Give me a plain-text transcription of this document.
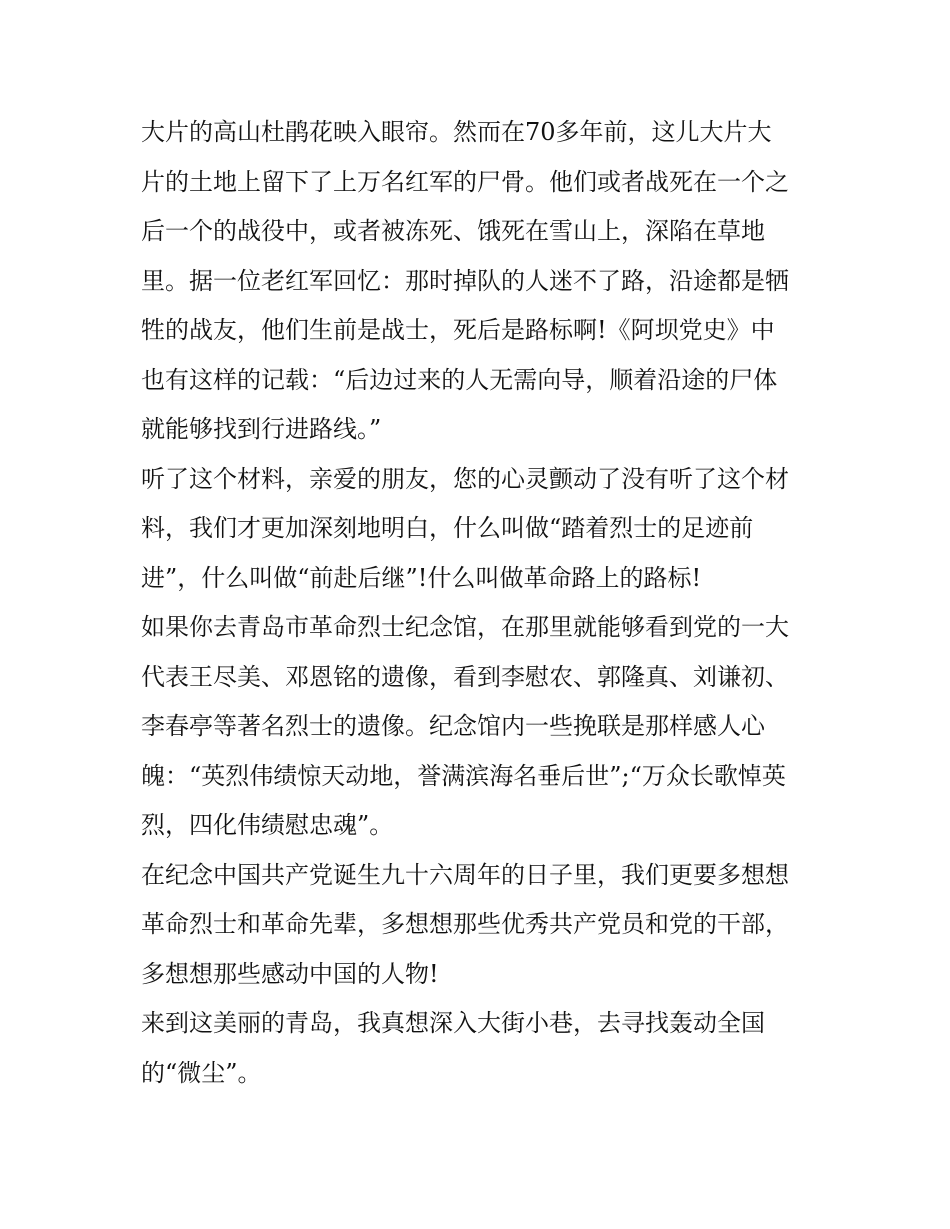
大片的高山杜鹃花映入眼帘。然而在70多年前，这儿大片大
片的土地上留下了上万名红军的尸骨。他们或者战死在一个之
后一个的战役中，或者被冻死、饿死在雪山上，深陷在草地
里。据一位老红军回忆：那时掉队的人迷不了路，沿途都是牺
牲的战友，他们生前是战士，死后是路标啊!《阿坝党史》中
也有这样的记载：“后边过来的人无需向导，顺着沿途的尸体
就能够找到行进路线。”
听了这个材料，亲爱的朋友，您的心灵颤动了没有听了这个材
料，我们才更加深刻地明白，什么叫做“踏着烈士的足迹前
进”，什么叫做“前赴后继”!什么叫做革命路上的路标!
如果你去青岛市革命烈士纪念馆，在那里就能够看到党的一大
代表王尽美、邓恩铭的遗像，看到李慰农、郭隆真、刘谦初、
李春亭等著名烈士的遗像。纪念馆内一些挽联是那样感人心
魄：“英烈伟绩惊天动地，誉满滨海名垂后世”;“万众长歌悼英
烈，四化伟绩慰忠魂”。
在纪念中国共产党诞生九十六周年的日子里，我们更要多想想
革命烈士和革命先辈，多想想那些优秀共产党员和党的干部，
多想想那些感动中国的人物!
来到这美丽的青岛，我真想深入大街小巷，去寻找轰动全国
的“微尘”。
